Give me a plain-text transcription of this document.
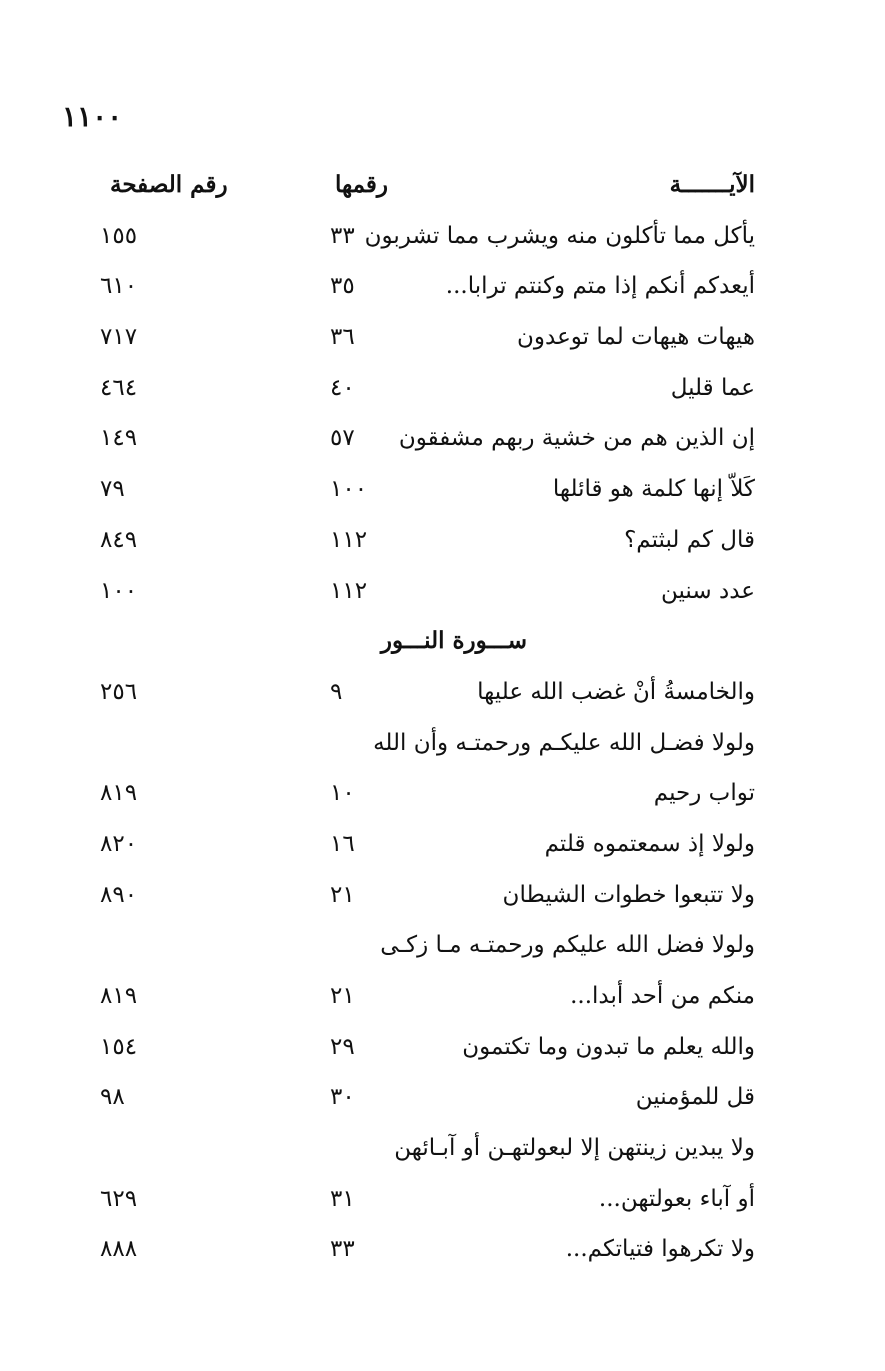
١١٠٠
الآيـــــــة
رقمها
رقم الصفحة
يأكل مما تأكلون منه ويشرب مما تشربون
٣٣
١٥٥
أيعدكم أنكم إذا متم وكنتم ترابا...
٣٥
٦١٠
هيهات هيهات لما توعدون
٣٦
٧١٧
عما قليل
٤٠
٤٦٤
إن الذين هم من خشية ربهم مشفقون
٥٧
١٤٩
كَلاّ إنها كلمة هو قائلها
١٠٠
٧٩
قال كم لبثتم؟
١١٢
٨٤٩
عدد سنين
١١٢
١٠٠
ســـورة النـــور
والخامسةُ أنْ غضب الله عليها
٩
٢٥٦
ولولا فضـل الله عليكـم ورحمتـه وأن الله
تواب رحيم
١٠
٨١٩
ولولا إذ سمعتموه قلتم
١٦
٨٢٠
ولا تتبعوا خطوات الشيطان
٢١
٨٩٠
ولولا فضل الله عليكم ورحمتـه مـا زكـى
منكم من أحد أبدا...
٢١
٨١٩
والله يعلم ما تبدون وما تكتمون
٢٩
١٥٤
قل للمؤمنين
٣٠
٩٨
ولا يبدين زينتهن إلا لبعولتهـن أو آبـائهن
أو آباء بعولتهن...
٣١
٦٢٩
ولا تكرهوا فتياتكم...
٣٣
٨٨٨
